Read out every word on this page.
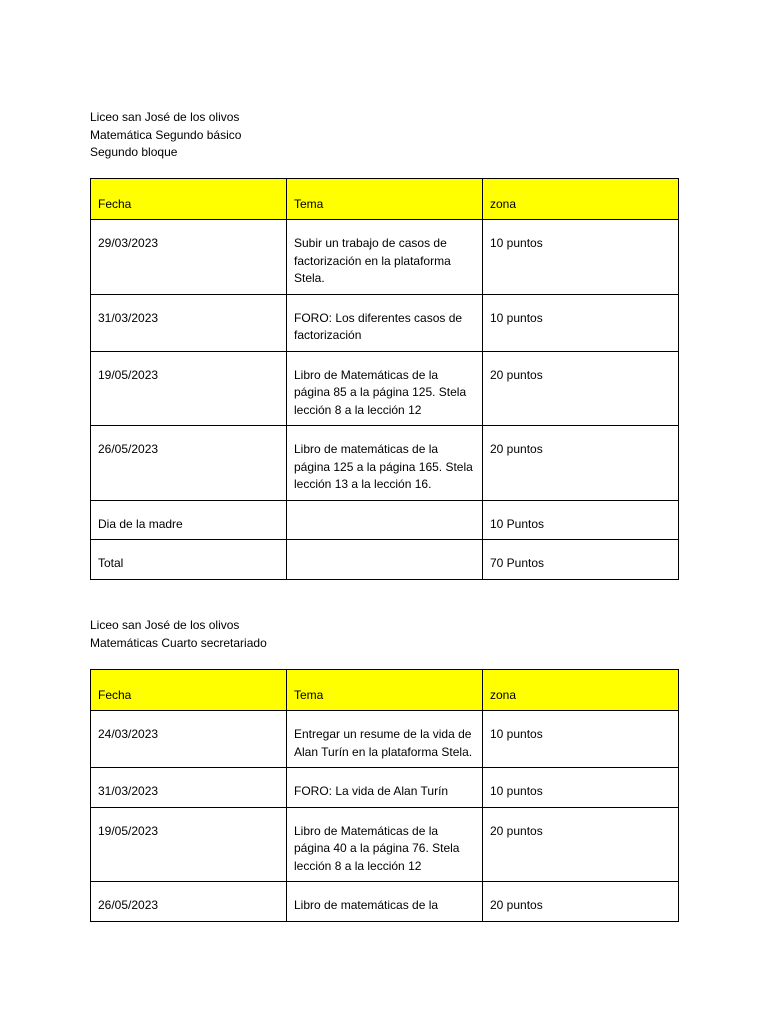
Liceo san José de los olivos
Matemática Segundo básico
Segundo bloque
Fecha	Tema	zona
29/03/2023	Subir un trabajo de casos de factorización en la plataforma Stela.	10 puntos
31/03/2023	FORO: Los diferentes casos de factorización	10 puntos
19/05/2023	Libro de Matemáticas de la página 85 a la página 125. Stela lección 8 a la lección 12	20 puntos
26/05/2023	Libro de matemáticas de la página 125 a la página 165. Stela lección 13 a la lección 16.	20 puntos
Dia de la madre		10 Puntos
Total		70 Puntos
Liceo san José de los olivos
Matemáticas Cuarto secretariado
Fecha	Tema	zona
24/03/2023	Entregar un resume de la vida de Alan Turín en la plataforma Stela.	10 puntos
31/03/2023	FORO: La vida de Alan Turín	10 puntos
19/05/2023	Libro de Matemáticas de la página 40 a la página 76. Stela lección 8 a la lección 12	20 puntos
26/05/2023	Libro de matemáticas de la	20 puntos
